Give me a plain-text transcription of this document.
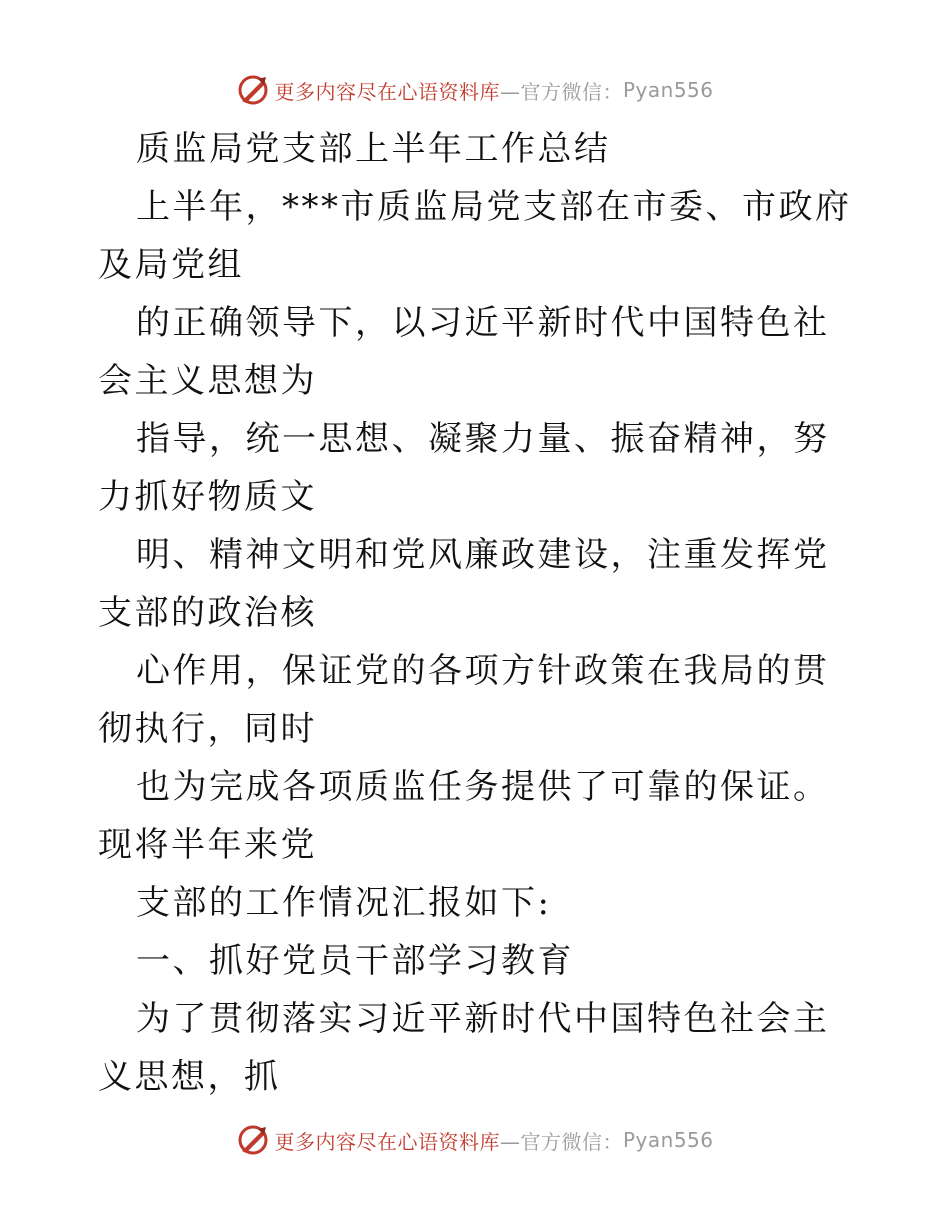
更多内容尽在心语资料库 —官方微信： Pyan556

质监局党支部上半年工作总结

上半年，***市质监局党支部在市委、市政府及局党组

的正确领导下，以习近平新时代中国特色社会主义思想为

指导，统一思想、凝聚力量、振奋精神，努力抓好物质文

明、精神文明和党风廉政建设，注重发挥党支部的政治核

心作用，保证党的各项方针政策在我局的贯彻执行，同时

也为完成各项质监任务提供了可靠的保证。现将半年来党

支部的工作情况汇报如下:

一、抓好党员干部学习教育

为了贯彻落实习近平新时代中国特色社会主义思想，抓

更多内容尽在心语资料库 —官方微信： Pyan556
